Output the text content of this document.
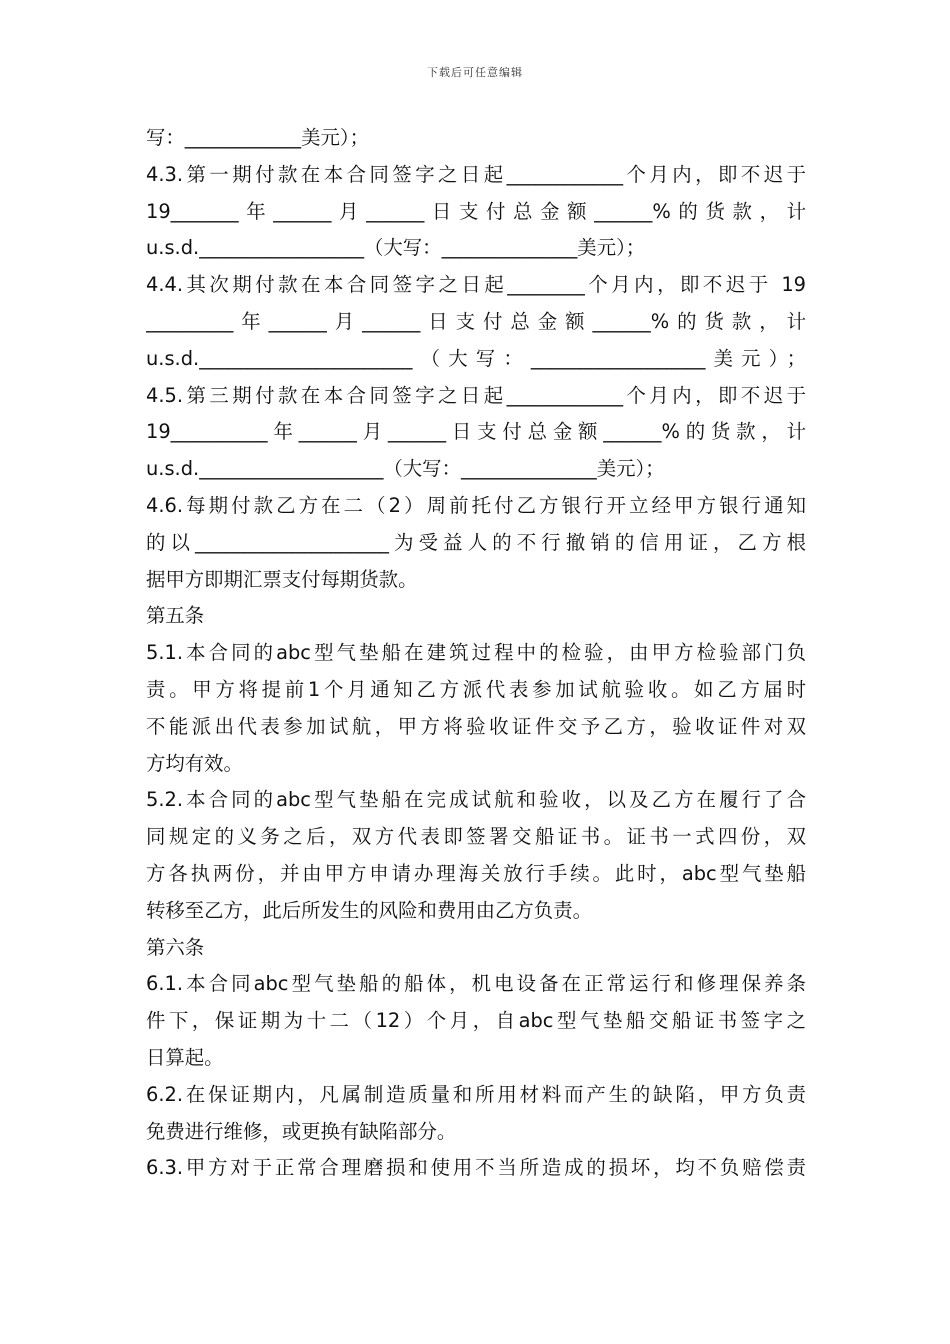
下载后可任意编辑
写：____________美元）；
4.3.第一期付款在本合同签字之日起____________个月内，即不迟于
19_______年______月______日支付总金额______%的货款，计
u.s.d._________________（大写：______________美元）；
4.4.其次期付款在本合同签字之日起________个月内，即不迟于 19
_________年______月______日支付总金额______%的货款，计
u.s.d.______________________（大写：__________________美元）；
4.5.第三期付款在本合同签字之日起____________个月内，即不迟于
19__________年______月______日支付总金额______%的货款，计
u.s.d.___________________（大写：______________美元）；
4.6.每期付款乙方在二（2）周前托付乙方银行开立经甲方银行通知
的以____________________为受益人的不行撤销的信用证，乙方根
据甲方即期汇票支付每期货款。
第五条
5.1.本合同的abc型气垫船在建筑过程中的检验，由甲方检验部门负
责。甲方将提前1个月通知乙方派代表参加试航验收。如乙方届时
不能派出代表参加试航，甲方将验收证件交予乙方，验收证件对双
方均有效。
5.2.本合同的abc型气垫船在完成试航和验收，以及乙方在履行了合
同规定的义务之后，双方代表即签署交船证书。证书一式四份，双
方各执两份，并由甲方申请办理海关放行手续。此时，abc型气垫船
转移至乙方，此后所发生的风险和费用由乙方负责。
第六条
6.1.本合同abc型气垫船的船体，机电设备在正常运行和修理保养条
件下，保证期为十二（12）个月，自abc型气垫船交船证书签字之
日算起。
6.2.在保证期内，凡属制造质量和所用材料而产生的缺陷，甲方负责
免费进行维修，或更换有缺陷部分。
6.3.甲方对于正常合理磨损和使用不当所造成的损坏，均不负赔偿责
